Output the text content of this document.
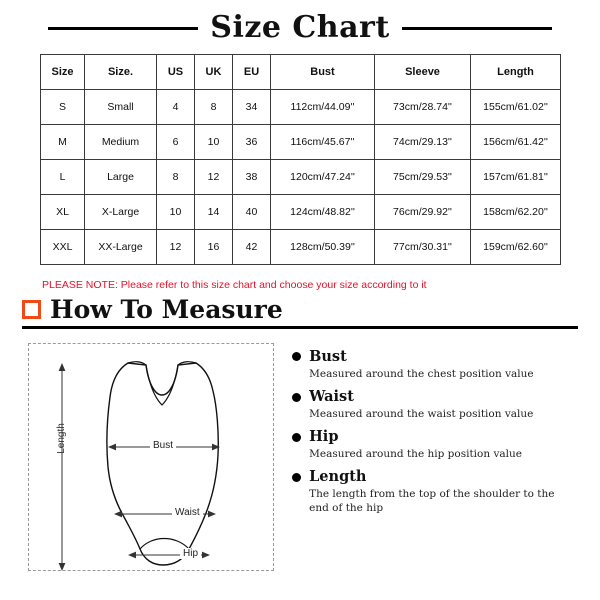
Size Chart
Size	Size.	US	UK	EU	Bust	Sleeve	Length
S	Small	4	8	34	112cm/44.09''	73cm/28.74''	155cm/61.02''
M	Medium	6	10	36	116cm/45.67''	74cm/29.13''	156cm/61.42''
L	Large	8	12	38	120cm/47.24''	75cm/29.53''	157cm/61.81''
XL	X-Large	10	14	40	124cm/48.82''	76cm/29.92''	158cm/62.20''
XXL	XX-Large	12	16	42	128cm/50.39''	77cm/30.31''	159cm/62.60''
PLEASE NOTE: Please refer to this size chart and choose your size according to it
How To Measure
Length	Bust
Waist
Hip
Bust
Measured around the chest position value
Waist
Measured around the waist position value
Hip
Measured around the hip position value
Length
The length from the top of the shoulder to the end of the hip
